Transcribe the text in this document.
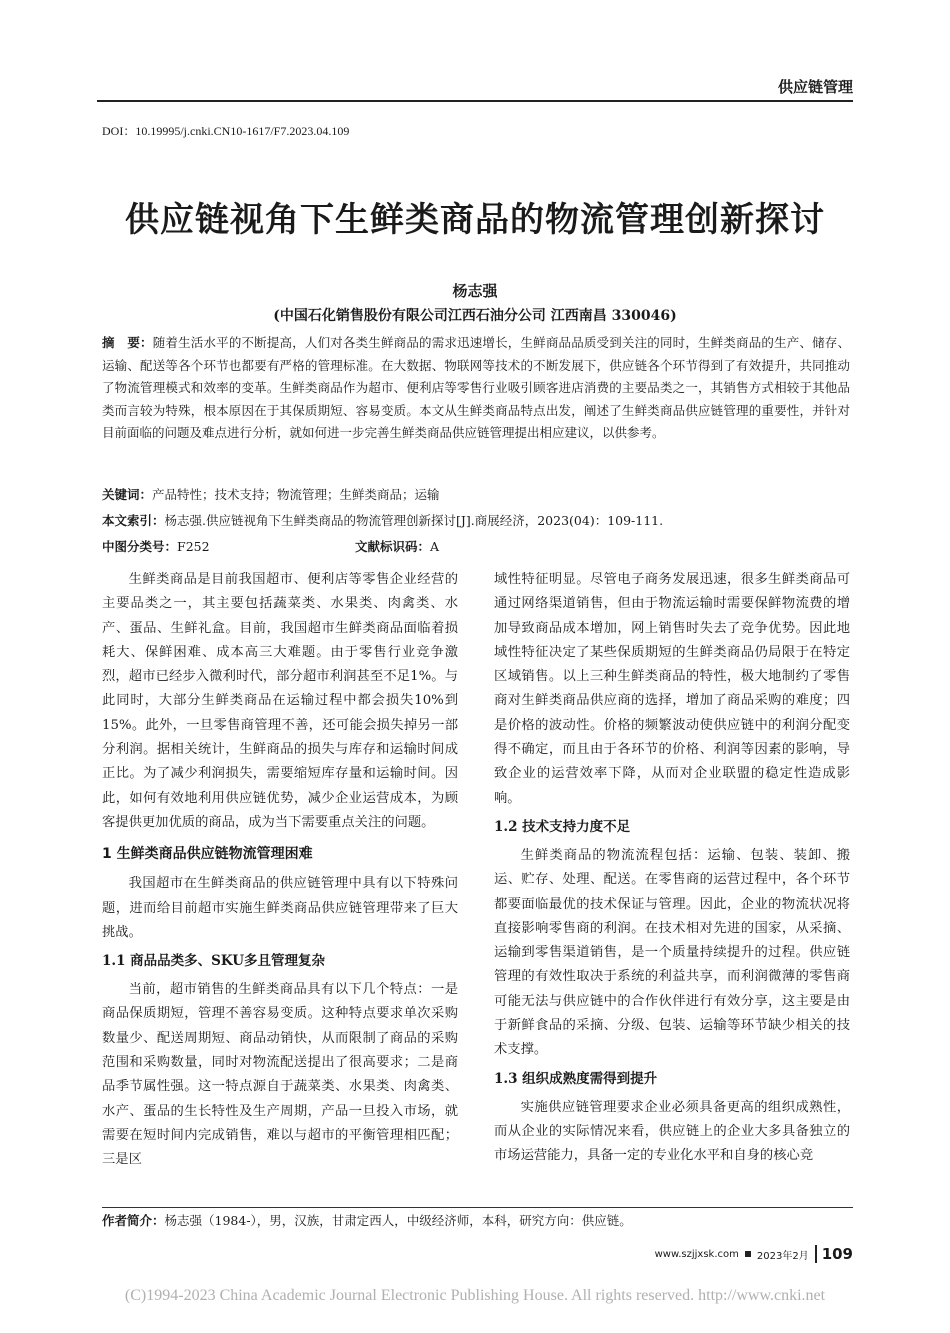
供应链管理
DOI：10.19995/j.cnki.CN10-1617/F7.2023.04.109
供应链视角下生鲜类商品的物流管理创新探讨
杨志强
(中国石化销售股份有限公司江西石油分公司 江西南昌 330046)
摘　要：随着生活水平的不断提高，人们对各类生鲜商品的需求迅速增长，生鲜商品品质受到关注的同时，生鲜类商品的生产、储存、运输、配送等各个环节也都要有严格的管理标准。在大数据、物联网等技术的不断发展下，供应链各个环节得到了有效提升，共同推动了物流管理模式和效率的变革。生鲜类商品作为超市、便利店等零售行业吸引顾客进店消费的主要品类之一，其销售方式相较于其他品类而言较为特殊，根本原因在于其保质期短、容易变质。本文从生鲜类商品特点出发，阐述了生鲜类商品供应链管理的重要性，并针对目前面临的问题及难点进行分析，就如何进一步完善生鲜类商品供应链管理提出相应建议，以供参考。
关键词：产品特性；技术支持；物流管理；生鲜类商品；运输
本文索引：杨志强.供应链视角下生鲜类商品的物流管理创新探讨[J].商展经济，2023(04)：109-111.
中图分类号：F252	文献标识码：A

生鲜类商品是目前我国超市、便利店等零售企业经营的主要品类之一，其主要包括蔬菜类、水果类、肉禽类、水产、蛋品、生鲜礼盒。目前，我国超市生鲜类商品面临着损耗大、保鲜困难、成本高三大难题。由于零售行业竞争激烈，超市已经步入微利时代，部分超市利润甚至不足1%。与此同时，大部分生鲜类商品在运输过程中都会损失10%到15%。此外，一旦零售商管理不善，还可能会损失掉另一部分利润。据相关统计，生鲜商品的损失与库存和运输时间成正比。为了减少利润损失，需要缩短库存量和运输时间。因此，如何有效地利用供应链优势，减少企业运营成本，为顾客提供更加优质的商品，成为当下需要重点关注的问题。

1 生鲜类商品供应链物流管理困难

我国超市在生鲜类商品的供应链管理中具有以下特殊问题，进而给目前超市实施生鲜类商品供应链管理带来了巨大挑战。

1.1 商品品类多、SKU多且管理复杂

当前，超市销售的生鲜类商品具有以下几个特点：一是商品保质期短，管理不善容易变质。这种特点要求单次采购数量少、配送周期短、商品动销快，从而限制了商品的采购范围和采购数量，同时对物流配送提出了很高要求；二是商品季节属性强。这一特点源自于蔬菜类、水果类、肉禽类、水产、蛋品的生长特性及生产周期，产品一旦投入市场，就需要在短时间内完成销售，难以与超市的平衡管理相匹配；三是区

域性特征明显。尽管电子商务发展迅速，很多生鲜类商品可通过网络渠道销售，但由于物流运输时需要保鲜物流费的增加导致商品成本增加，网上销售时失去了竞争优势。因此地域性特征决定了某些保质期短的生鲜类商品仍局限于在特定区域销售。以上三种生鲜类商品的特性，极大地制约了零售商对生鲜类商品供应商的选择，增加了商品采购的难度；四是价格的波动性。价格的频繁波动使供应链中的利润分配变得不确定，而且由于各环节的价格、利润等因素的影响，导致企业的运营效率下降，从而对企业联盟的稳定性造成影响。

1.2 技术支持力度不足

生鲜类商品的物流流程包括：运输、包装、装卸、搬运、贮存、处理、配送。在零售商的运营过程中，各个环节都要面临最优的技术保证与管理。因此，企业的物流状况将直接影响零售商的利润。在技术相对先进的国家，从采摘、运输到零售渠道销售，是一个质量持续提升的过程。供应链管理的有效性取决于系统的利益共享，而利润微薄的零售商可能无法与供应链中的合作伙伴进行有效分享，这主要是由于新鲜食品的采摘、分级、包装、运输等环节缺少相关的技术支撑。

1.3 组织成熟度需得到提升

实施供应链管理要求企业必须具备更高的组织成熟性，而从企业的实际情况来看，供应链上的企业大多具备独立的市场运营能力，具备一定的专业化水平和自身的核心竞

作者简介：杨志强（1984-），男，汉族，甘肃定西人，中级经济师，本科，研究方向：供应链。
www.szjjxsk.com 2023年2月 109
(C)1994-2023 China Academic Journal Electronic Publishing House. All rights reserved. http://www.cnki.net
